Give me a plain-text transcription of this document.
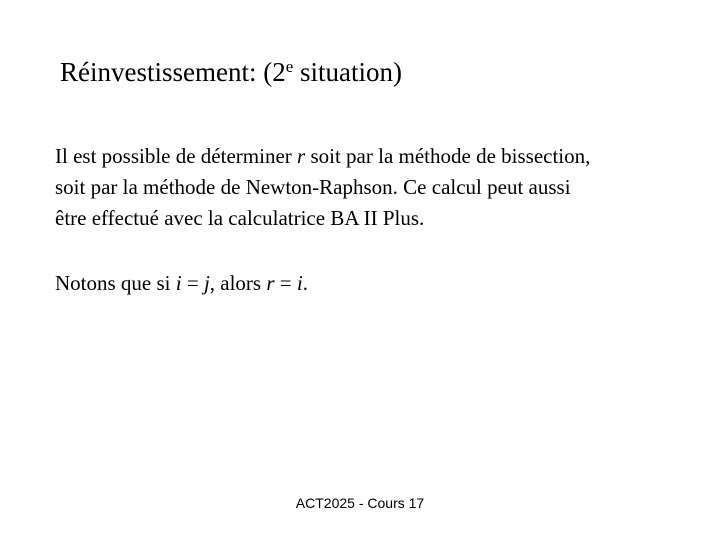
Réinvestissement: (2e situation)

Il est possible de déterminer r soit par la méthode de bissection,
soit par la méthode de Newton-Raphson. Ce calcul peut aussi
être effectué avec la calculatrice BA II Plus.

Notons que si i = j, alors r = i.

ACT2025 - Cours 17
